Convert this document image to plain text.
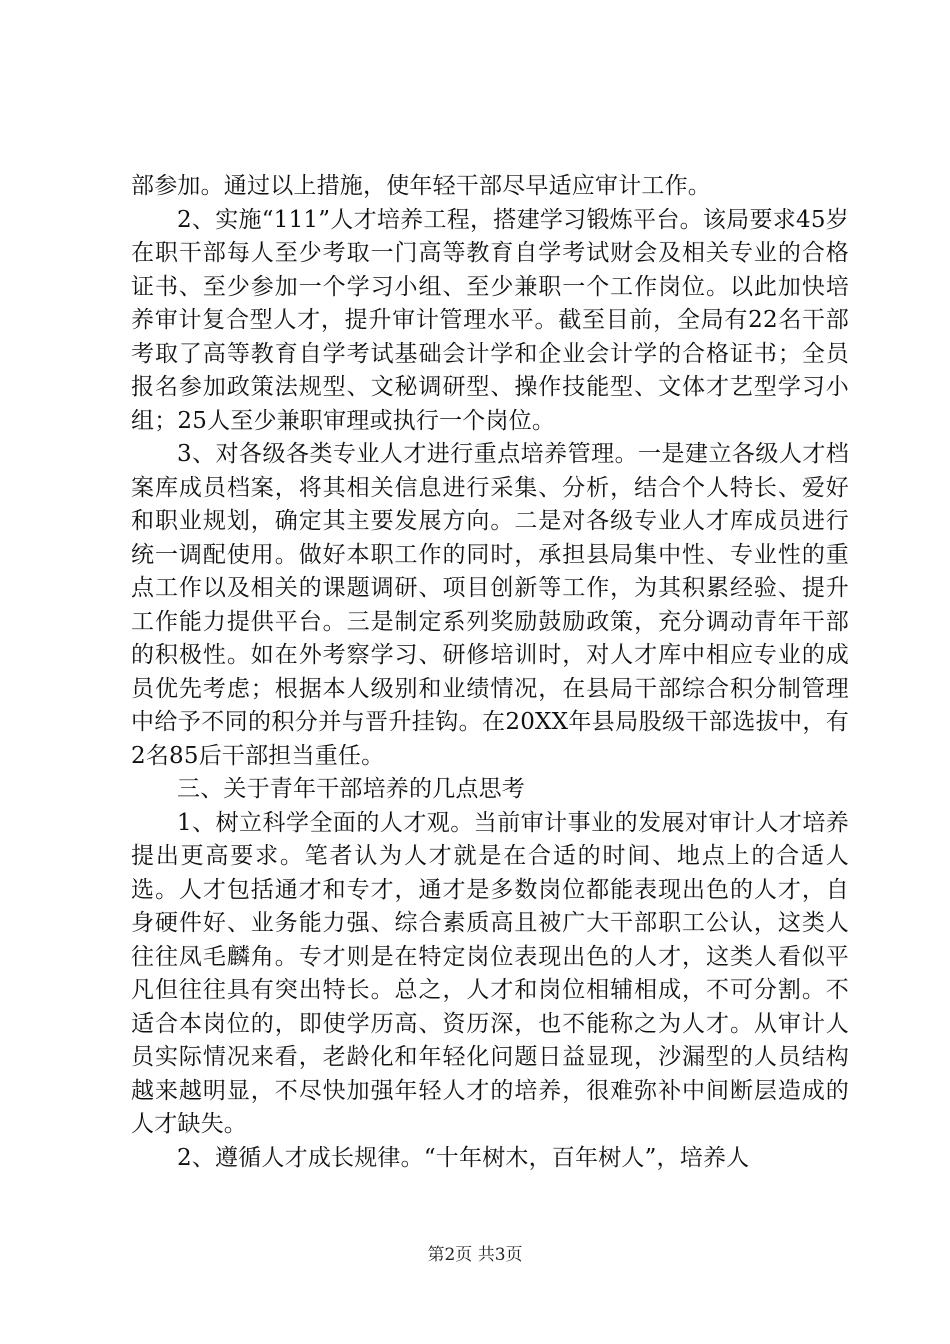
部参加。通过以上措施，使年轻干部尽早适应审计工作。

2、实施“111”人才培养工程，搭建学习锻炼平台。该局要求45岁在职干部每人至少考取一门高等教育自学考试财会及相关专业的合格证书、至少参加一个学习小组、至少兼职一个工作岗位。以此加快培养审计复合型人才，提升审计管理水平。截至目前，全局有22名干部考取了高等教育自学考试基础会计学和企业会计学的合格证书；全员报名参加政策法规型、文秘调研型、操作技能型、文体才艺型学习小组；25人至少兼职审理或执行一个岗位。

3、对各级各类专业人才进行重点培养管理。一是建立各级人才档案库成员档案，将其相关信息进行采集、分析，结合个人特长、爱好和职业规划，确定其主要发展方向。二是对各级专业人才库成员进行统一调配使用。做好本职工作的同时，承担县局集中性、专业性的重点工作以及相关的课题调研、项目创新等工作，为其积累经验、提升工作能力提供平台。三是制定系列奖励鼓励政策，充分调动青年干部的积极性。如在外考察学习、研修培训时，对人才库中相应专业的成员优先考虑；根据本人级别和业绩情况，在县局干部综合积分制管理中给予不同的积分并与晋升挂钩。在20XX年县局股级干部选拔中，有2名85后干部担当重任。

三、关于青年干部培养的几点思考

1、树立科学全面的人才观。当前审计事业的发展对审计人才培养提出更高要求。笔者认为人才就是在合适的时间、地点上的合适人选。人才包括通才和专才，通才是多数岗位都能表现出色的人才，自身硬件好、业务能力强、综合素质高且被广大干部职工公认，这类人往往凤毛麟角。专才则是在特定岗位表现出色的人才，这类人看似平凡但往往具有突出特长。总之，人才和岗位相辅相成，不可分割。不适合本岗位的，即使学历高、资历深，也不能称之为人才。从审计人员实际情况来看，老龄化和年轻化问题日益显现，沙漏型的人员结构越来越明显，不尽快加强年轻人才的培养，很难弥补中间断层造成的人才缺失。

2、遵循人才成长规律。“十年树木，百年树人”，培养人

第2页 共3页
